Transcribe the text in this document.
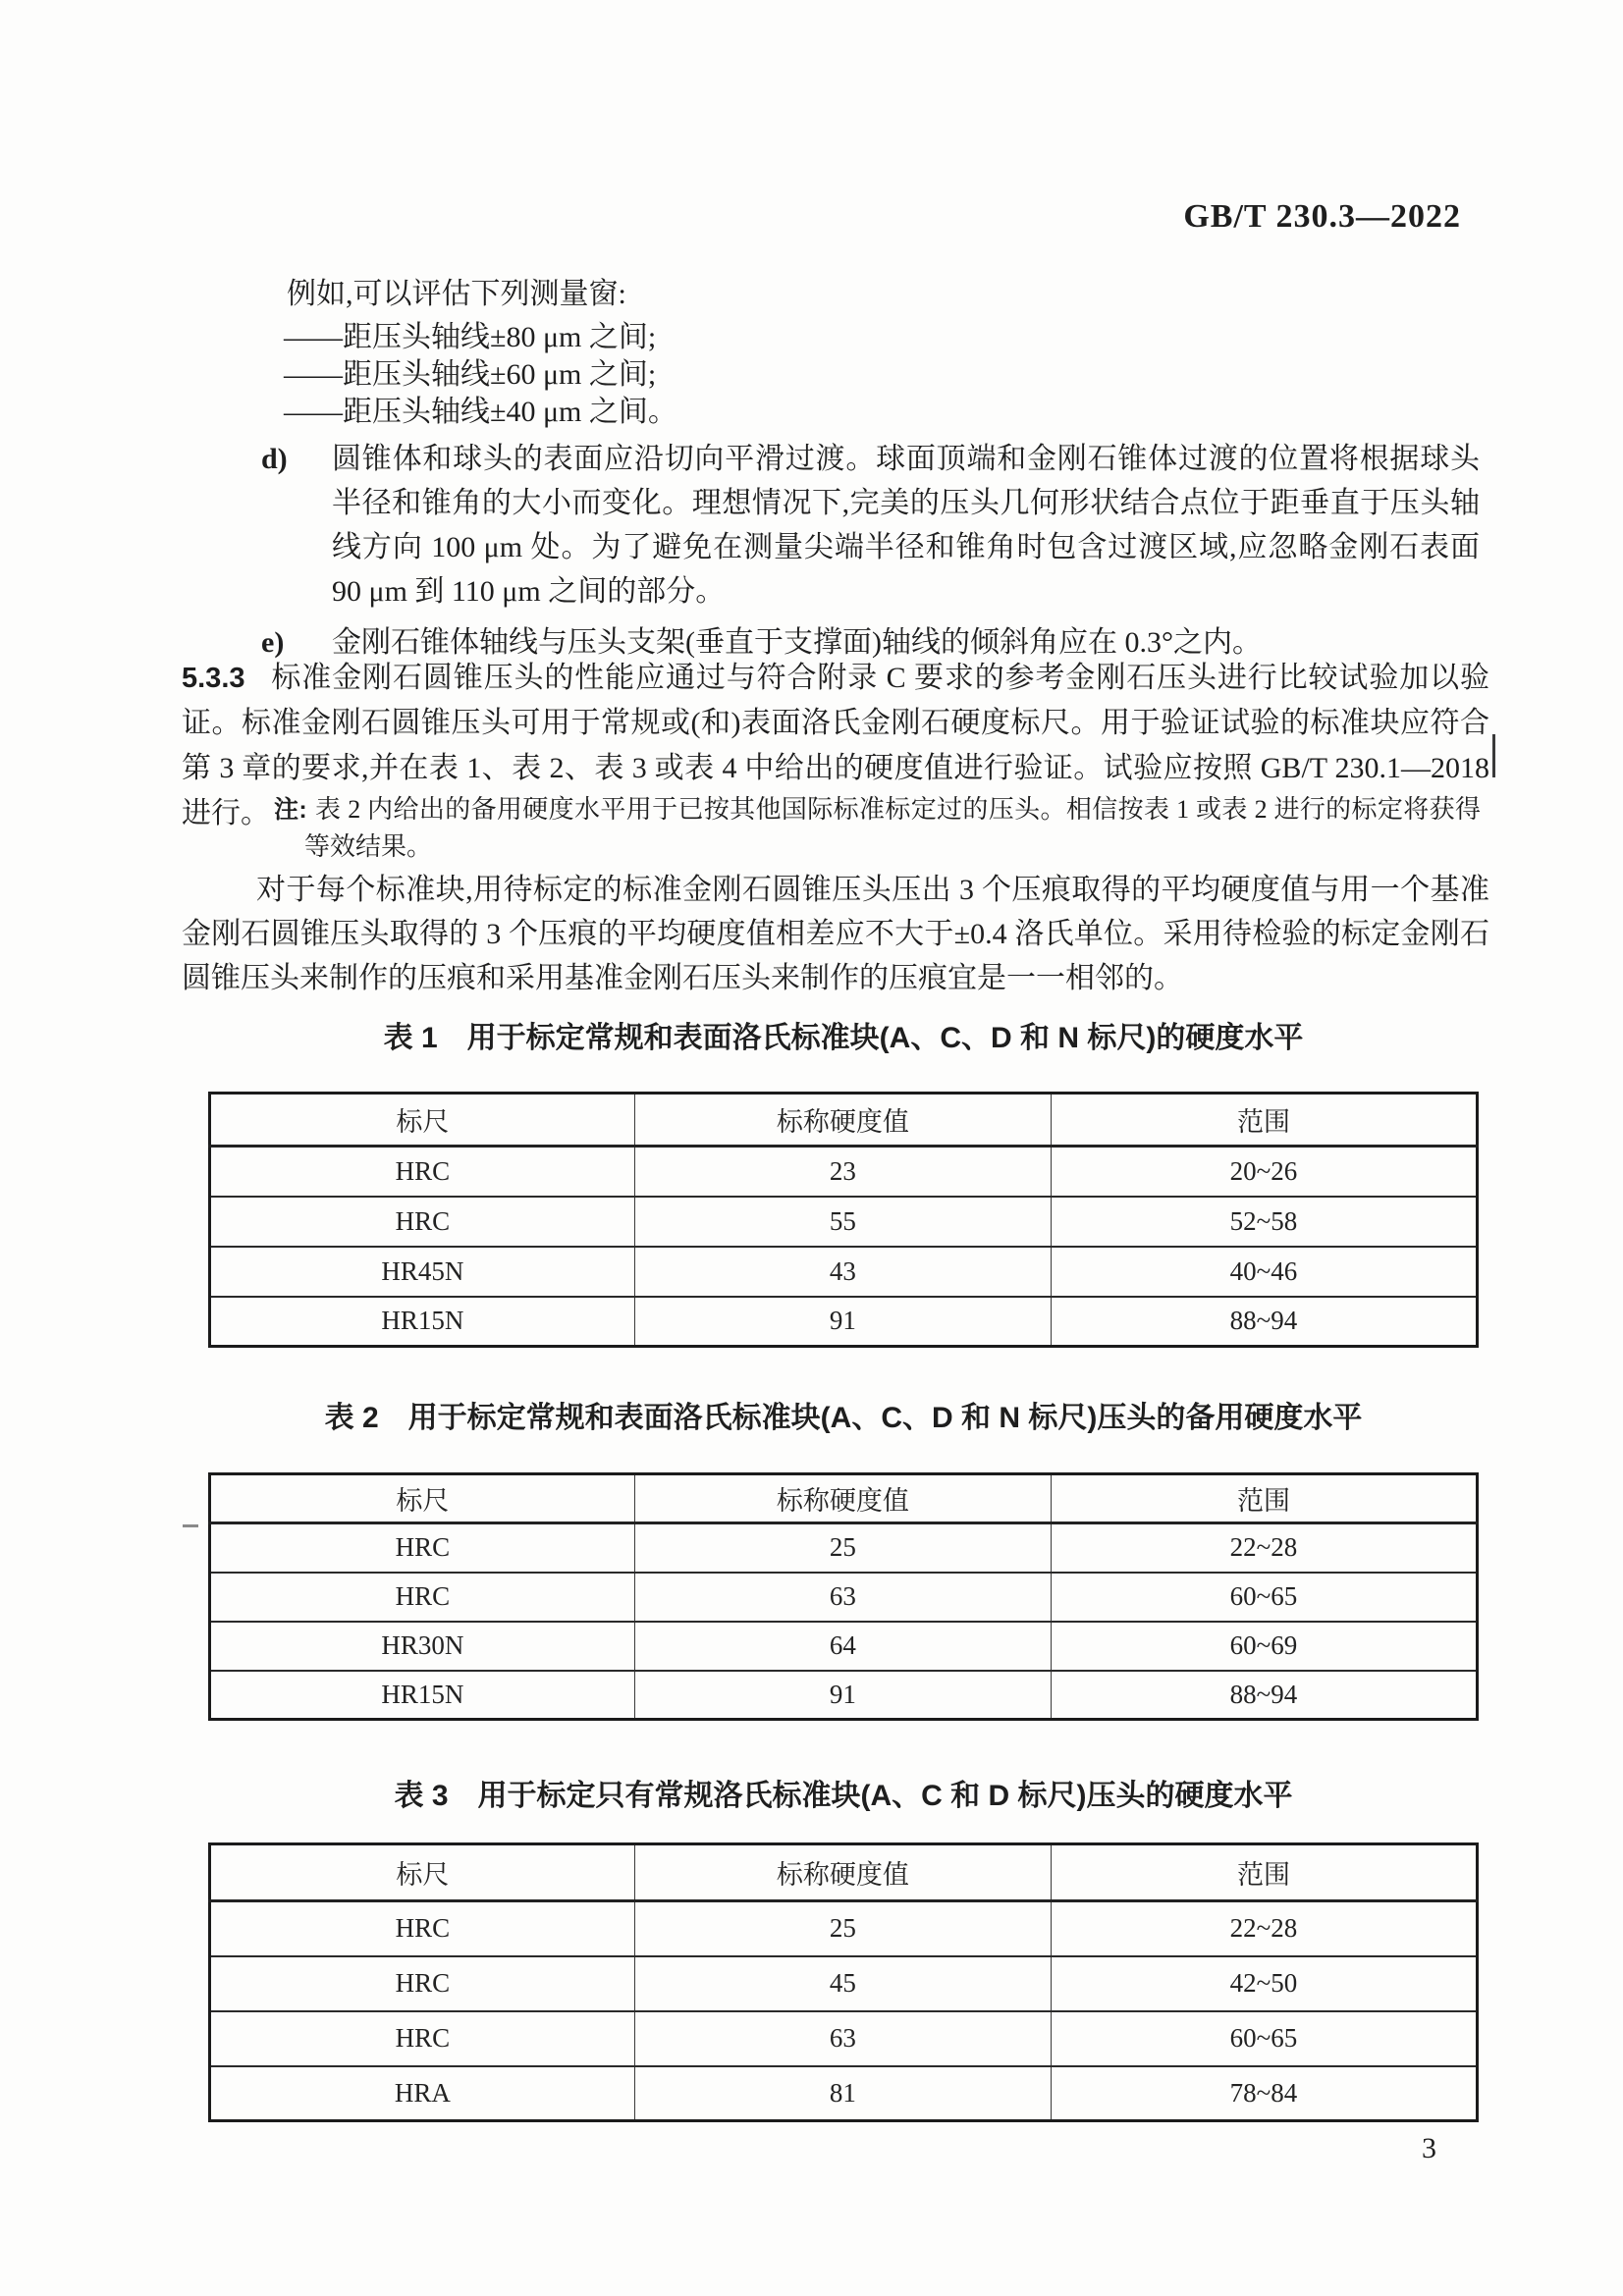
GB/T 230.3—2022
例如,可以评估下列测量窗:
——距压头轴线±80 μm 之间;
——距压头轴线±60 μm 之间;
——距压头轴线±40 μm 之间。
d)	圆锥体和球头的表面应沿切向平滑过渡。球面顶端和金刚石锥体过渡的位置将根据球头半径和锥角的大小而变化。理想情况下,完美的压头几何形状结合点位于距垂直于压头轴线方向 100 μm 处。为了避免在测量尖端半径和锥角时包含过渡区域,应忽略金刚石表面 90 μm 到 110 μm 之间的部分。
e)	金刚石锥体轴线与压头支架(垂直于支撑面)轴线的倾斜角应在 0.3°之内。
5.3.3 标准金刚石圆锥压头的性能应通过与符合附录 C 要求的参考金刚石压头进行比较试验加以验证。标准金刚石圆锥压头可用于常规或(和)表面洛氏金刚石硬度标尺。用于验证试验的标准块应符合第 3 章的要求,并在表 1、表 2、表 3 或表 4 中给出的硬度值进行验证。试验应按照 GB/T 230.1—2018 进行。 注: 表 2 内给出的备用硬度水平用于已按其他国际标准标定过的压头。相信按表 1 或表 2 进行的标定将获得等效结果。
对于每个标准块,用待标定的标准金刚石圆锥压头压出 3 个压痕取得的平均硬度值与用一个基准金刚石圆锥压头取得的 3 个压痕的平均硬度值相差应不大于±0.4 洛氏单位。采用待检验的标定金刚石圆锥压头来制作的压痕和采用基准金刚石压头来制作的压痕宜是一一相邻的。
表 1　用于标定常规和表面洛氏标准块(A、C、D 和 N 标尺)的硬度水平
标尺	标称硬度值	范围
HRC	23	20~26
HRC	55	52~58
HR45N	43	40~46
HR15N	91	88~94
表 2　用于标定常规和表面洛氏标准块(A、C、D 和 N 标尺)压头的备用硬度水平
标尺	标称硬度值	范围
HRC	25	22~28
HRC	63	60~65
HR30N	64	60~69
HR15N	91	88~94
表 3　用于标定只有常规洛氏标准块(A、C 和 D 标尺)压头的硬度水平
标尺	标称硬度值	范围
HRC	25	22~28
HRC	45	42~50
HRC	63	60~65
HRA	81	78~84
3
